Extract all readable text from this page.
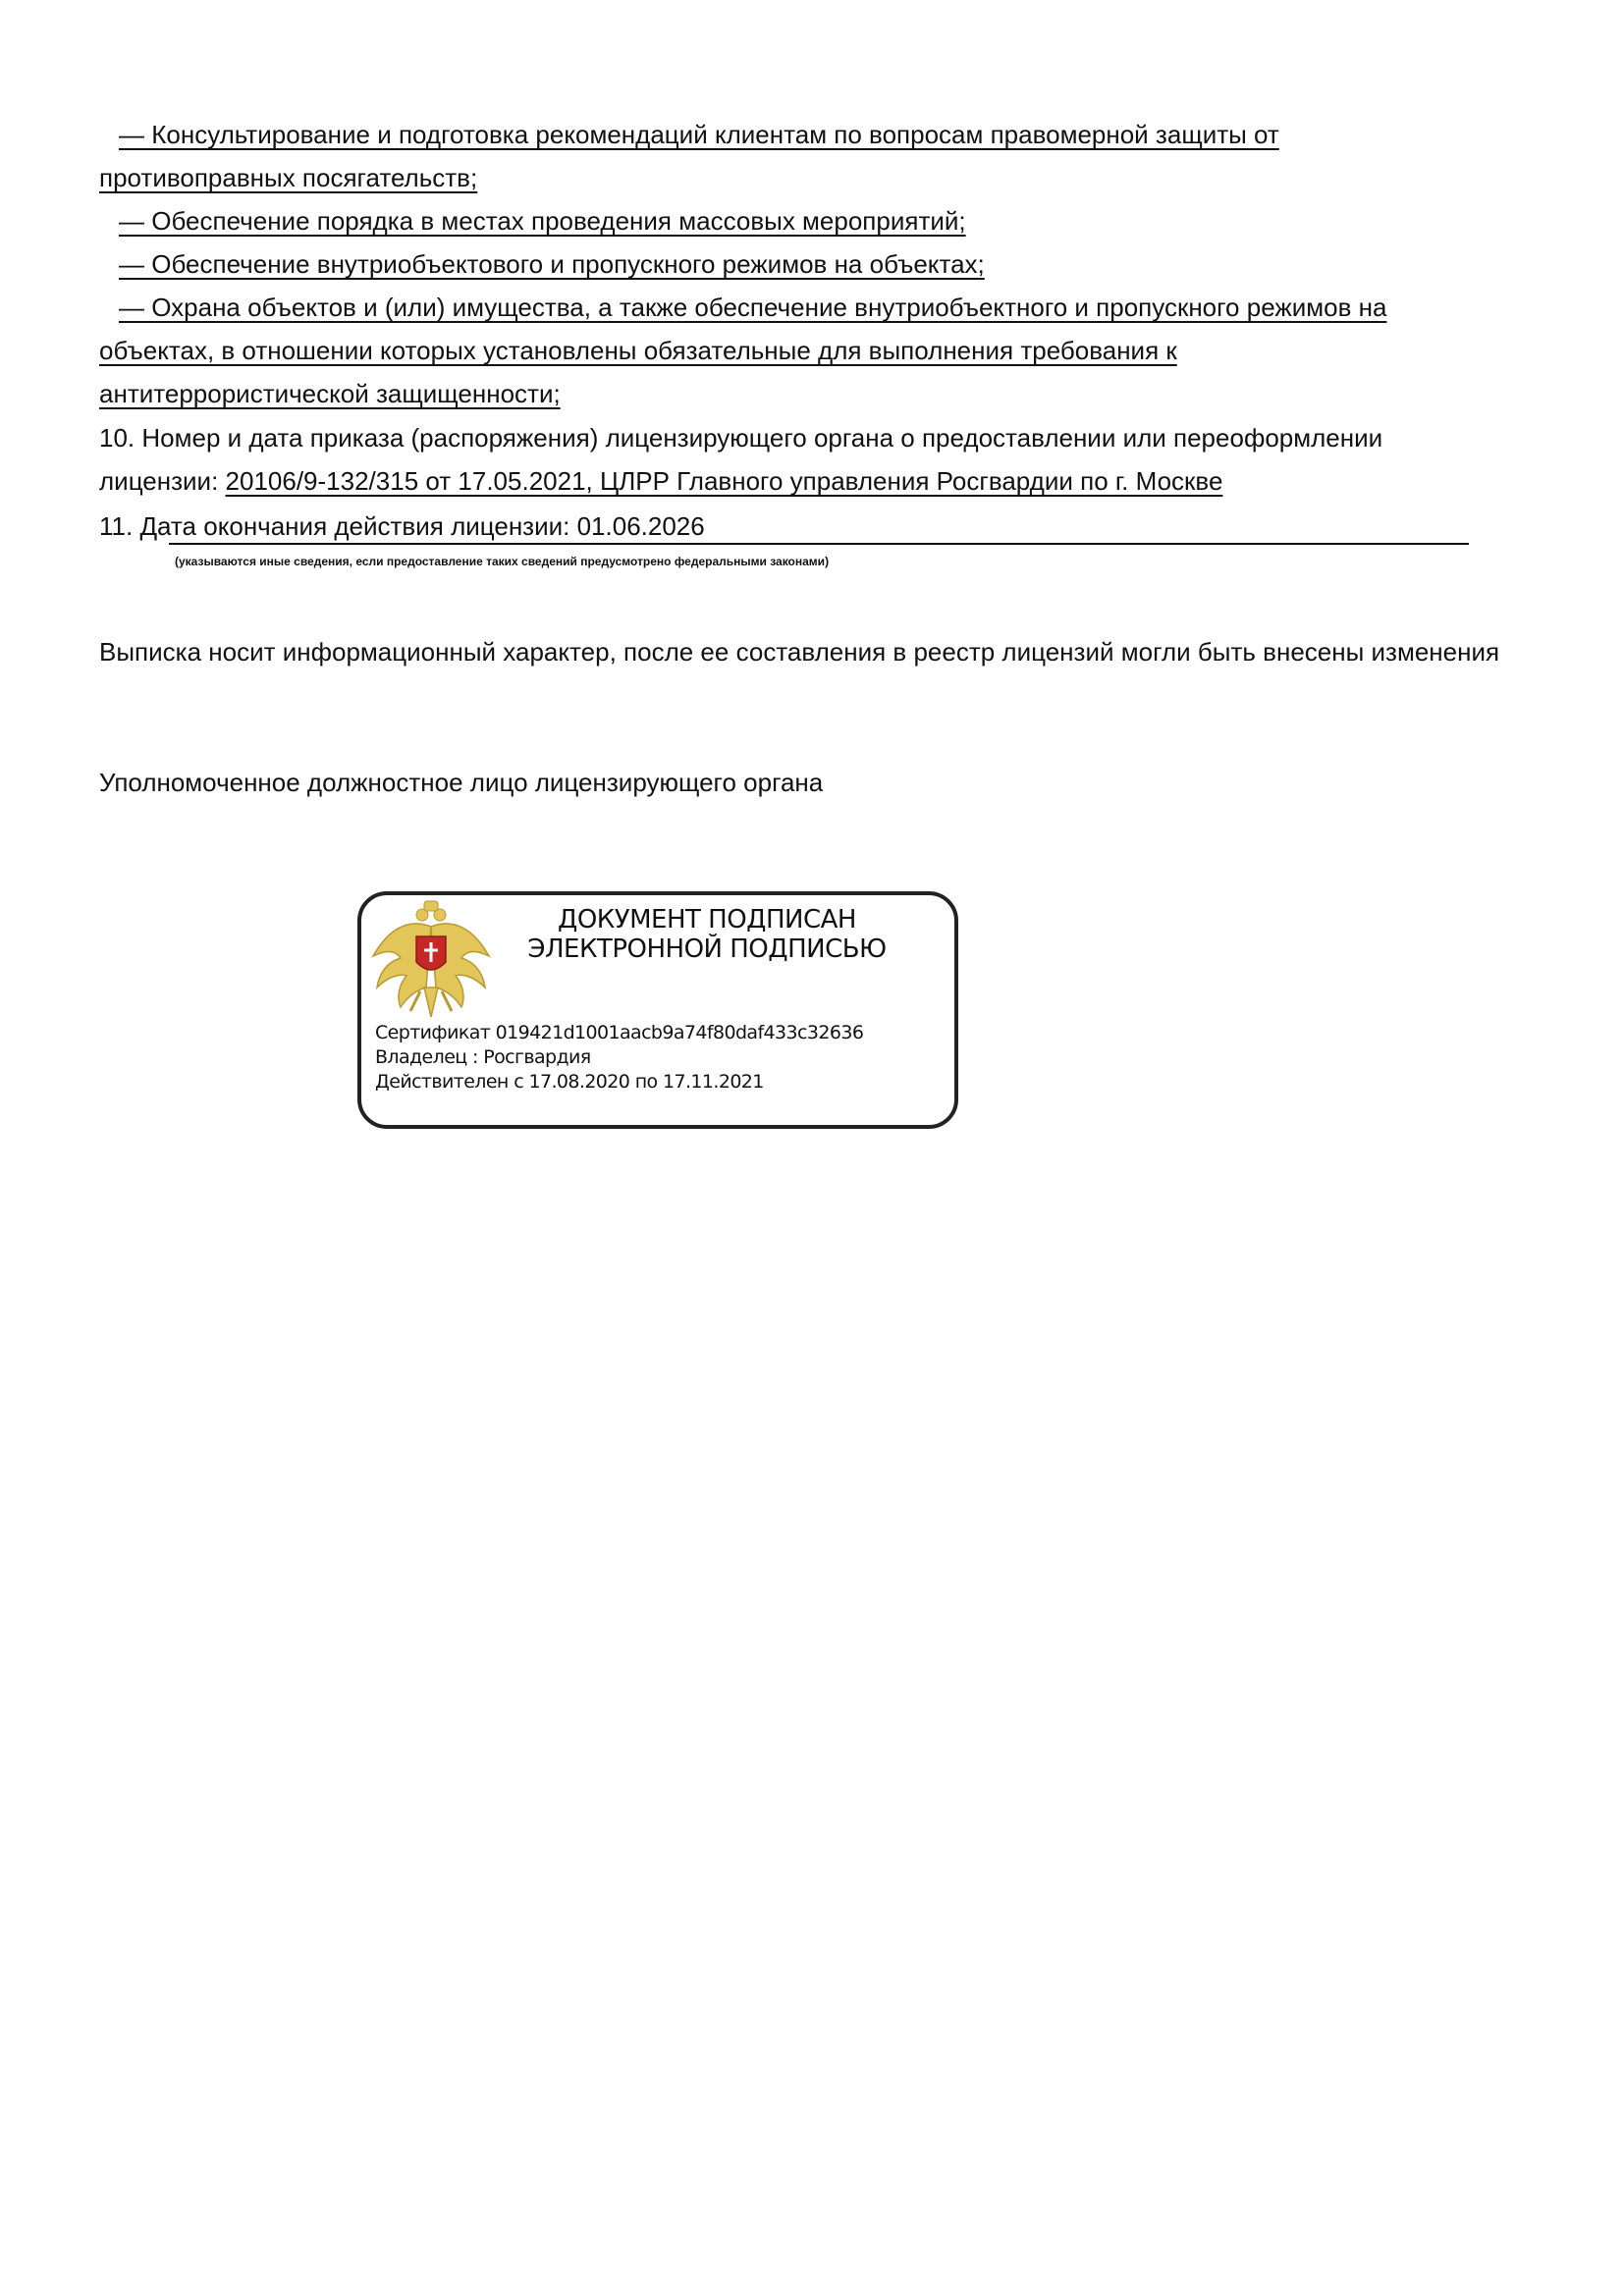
— Консультирование и подготовка рекомендаций клиентам по вопросам правомерной защиты от
противоправных посягательств;
— Обеспечение порядка в местах проведения массовых мероприятий;
— Обеспечение внутриобъектового и пропускного режимов на объектах;
— Охрана объектов и (или) имущества, а также обеспечение внутриобъектного и пропускного режимов на
объектах, в отношении которых установлены обязательные для выполнения требования к
антитеррористической защищенности;
10. Номер и дата приказа (распоряжения) лицензирующего органа о предоставлении или переоформлении
лицензии: 20106/9-132/315 от 17.05.2021, ЦЛРР Главного управления Росгвардии по г. Москве
11. Дата окончания действия лицензии: 01.06.2026
(указываются иные сведения, если предоставление таких сведений предусмотрено федеральными законами)
Выписка носит информационный характер, после ее составления в реестр лицензий могли быть внесены изменения
Уполномоченное должностное лицо лицензирующего органа
ДОКУМЕНТ ПОДПИСАН
ЭЛЕКТРОННОЙ ПОДПИСЬЮ
Сертификат 019421d1001aacb9a74f80daf433c32636
Владелец : Росгвардия
Действителен с 17.08.2020 по 17.11.2021
